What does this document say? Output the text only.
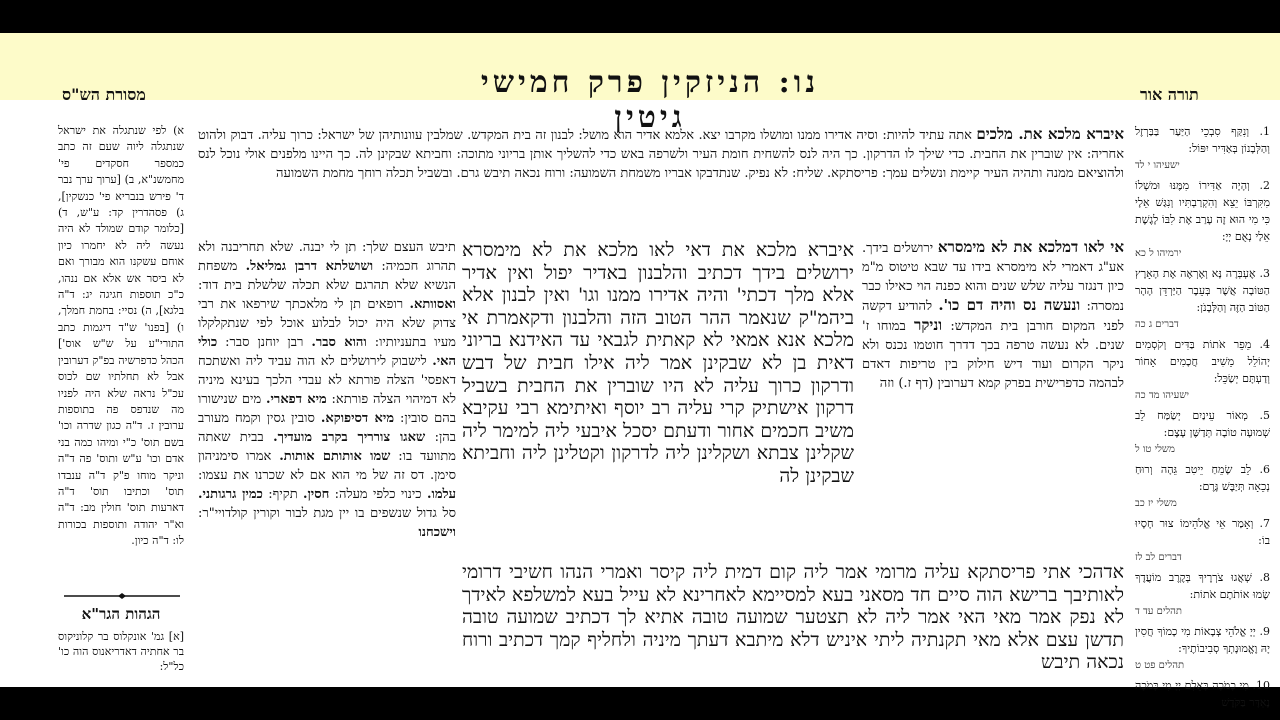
נו: הניזקין פרק חמישי גיטין
תורה אור
מסורת הש"ס
1. וְנִקַּף סִבְכֵי הַיַּעַר בַּבַּרְזֶל וְהַלְּבָנוֹן בְּאַדִּיר יִפּוֹל:
ישעיהו י לד
2. וְהָיָה אַדִּירוֹ מִמֶּנּוּ וּמשְׁלוֹ מִקִּרְבּוֹ יֵצֵא וְהִקְרַבְתִּיו וְנִגַּשׁ אֵלָי כִּי מִי הוּא זֶה עָרַב אֶת לִבּוֹ לָגֶשֶׁת אֵלַי נְאֻם יְיָ:
ירמיהו ל כא
3. אֶעְבְּרָה נָּא וְאֶרְאֶה אֶת הָאָרֶץ הַטּוֹבָה אֲשֶׁר בְּעֵבֶר הַיַּרְדֵּן הָהָר הַטּוֹב הַזֶּה וְהַלְּבָנֹן:
דברים ג כה
4. מֵפֵר אֹתוֹת בַּדִּים וְקֹסְמִים יְהוֹלֵל מֵשִׁיב חֲכָמִים אָחוֹר וְדַעְתָּם יְשַׂכֵּל:
ישעיהו מד כה
5. מְאוֹר עֵינַיִם יְשַׂמַּח לֵב שְׁמוּעָה טוֹבָה תְּדַשֶּׁן עָצֶם:
משלי טו ל
6. לֵב שָׂמֵחַ יֵיטִב גֵּהָה וְרוּחַ נְכֵאָה תְּיַבֶּשׁ גָּרֶם:
משלי יז כב
7. וְאָמַר אֵי אֱלֹהֵימוֹ צוּר חָסָיוּ בוֹ:
דברים לב לז
8. שְׁאֲגוּ צֹרְרֶיךָ בְּקֶרֶב מוֹעֲדֶךָ שָׂמוּ אוֹתֹתָם אֹתוֹת:
תהלים עד ד
9. יְיָ אֱלֹהֵי צְבָאוֹת מִי כָמוֹךָ חֲסִין יָהּ וֶאֱמוּנָתְךָ סְבִיבוֹתֶיךָ:
תהלים פט ט
10. מִי כָמֹכָה בָּאֵלִם יְיָ מִי כָּמֹכָה נֶאְדָּר בַּקֹּדֶשׁ

איברא מלכא את. מלכים אתה עתיד להיות: וסיה אדירו ממנו ומושלו מקרבו יצא. אלמא אדיר הוא מושל: לבנון זה בית המקדש. שמלבין עוונותיהן של ישראל: כרוך עליה. דבוק ולהוט אחריה: אין שוברין את החבית. כדי שילך לו הדרקון. כך היה לנס להשחית חומת העיר ולשרפה באש כדי להשליך אותן בריוני מתוכה: וחביתא שבקינן לה. כך היינו מלפנים אולי נוכל לנס ולהוציאם ממנה ותהיה העיר קיימת ונשלים עמך: פריסתקא. שליח: לא נפיק. שנתדבקו אבריו משמחת השמועה: ורוח נכאה תיבש גרם. ובשביל תכלה רוחך מחמת השמועה

אי לאו דמלכא את לא מימסרא ירושלים בידך. אע"ג דאמרי לא מימסרא בידו עד שבא טיטוס מ"מ כיון דנגזר עליה שלש שנים והוא כפנה הוי כאילו כבר נמסרה: ונעשה נס והיה דם כו'. להודיע דקשה לפני המקום חורבן בית המקדש: וניקר במוחו ז' שנים. לא נעשה טרפה בכך דדרך חוטמו נכנס ולא ניקר הקרום ועוד דיש חילוק בין טריפות דאדם לבהמה כדפרישית בפרק קמא דערובין (דף ז.) וזה

איברא מלכא את דאי לאו מלכא את לא מימסרא ירושלים בידך דכתיב והלבנון באדיר יפול ואין אדיר אלא מלך דכתי' והיה אדירו ממנו וגו' ואין לבנון אלא ביהמ"ק שנאמר ההר הטוב הזה והלבנון ודקאמרת אי מלכא אנא אמאי לא קאתית לגבאי עד האידנא בריוני דאית בן לא שבקינן אמר ליה אילו חבית של דבש ודרקון כרוך עליה לא היו שוברין את החבית בשביל דרקון אישתיק קרי עליה רב יוסף ואיתימא רבי עקיבא משיב חכמים אחור ודעתם יסכל איבעי ליה למימר ליה שקלינן צבתא ושקלינן ליה לדרקון וקטלינן ליה וחביתא שבקינן לה
אדהכי אתי פריסתקא עליה מרומי אמר ליה קום דמית ליה קיסר ואמרי הנהו חשיבי דרומי לאותיבך ברישא הוה סיים חד מסאני בעא למסיימא לאחרינא לא עייל בעא למשלפא לאידך לא נפק אמר מאי האי אמר ליה לא תצטער שמועה טובה אתיא לך דכתיב שמועה טובה תדשן עצם אלא מאי תקנתיה ליתי איניש דלא מיתבא דעתך מיניה ולחליף קמך דכתיב ורוח נכאה תיבש

תיבש העצם שלך: תן לי יבנה. שלא תחריבנה ולא תהרוג חכמיה: ושושלתא דרבן גמליאל. משפחת הנשיא שלא תהרגם שלא תכלה שלשלת בית דוד: ואסוותא. רופאים תן לי מלאכתך שירפאו את רבי צדוק שלא היה יכול לבלוע אוכל לפי שנתקלקלו מעיו בתעניותיו: והוא סבר. רבן יוחנן סבר: כולי האי. לישבוק לירושלים לא הוה עביד ליה ואשתכח דאפסי' הצלה פורתא לא עבדי הלכך בעינא מיניה לא דמיהוי הצלה פורתא: מיא דפארי. מים שנישורו בהם סובין: מיא דסיפוקא. סובין גסין וקמח מעורב בהן: שאגו צורריך בקרב מועדיך. בבית שאתה מתוועד בו: שמו אותותם אותות. אמרו סימניהון סימן. דס זה של מי הוא אם לא שכרנו את עצמו: עלמו. כינוי כלפי מעלה: חסין. תקיף: כמין גרגותני. סל גדול שנשפים בו יין מגת לבור וקורין קולדויי"ר: וישכחנו

א) לפי שנתגלה את ישראל שנתגלה ליוה שעם זה כתב כמספר חסקדים פי' מחמשנ"א, ב) [ערוך ערך נבר ד' פירש בנבריא פי' כנשקין], ג) פסהדרין קד: ע"ש, ד) [כלומר קודם שמולד לא היה נעשה ליה לא יחמרו כיון אוחם עשקנו הוא מבורך ואם לא ביסר אש אלא אם ננהו, כ"כ תוספות חגיגה יג: ד"ה בלגא], ה) נסיי: בחמת חמלך, ו) [בפנו' ש"ד דיגמות כתב התורי"ע על ש"ש אוס'] הכהל כדפרשיה בפ"ק דערובין אבל לא תחלתיו שם לכוס עכ"ל נראה שלא היה לפניו מה שנדפס פה בתוספות ערובין ז. ד"ה כגון שדרה וכו' בשם תוס' כ"י ומיהו כמה בני אדם וכו' ע"ש ותוס' פה ד"ה וניקר מוחו פ"ק ד"ה ענבדו תוס' וכתיבו תוס' ד"ה דארעות תוס' חולין מב: ד"ה וא"ר יהודה ותוספות בכורות לו: ד"ה כיון.
הגהות הגר"א
[א] גמ' אונקלוס בר קלוניקוס בר אחתיה דאדריאנוס הוה כו' כל"ל:
